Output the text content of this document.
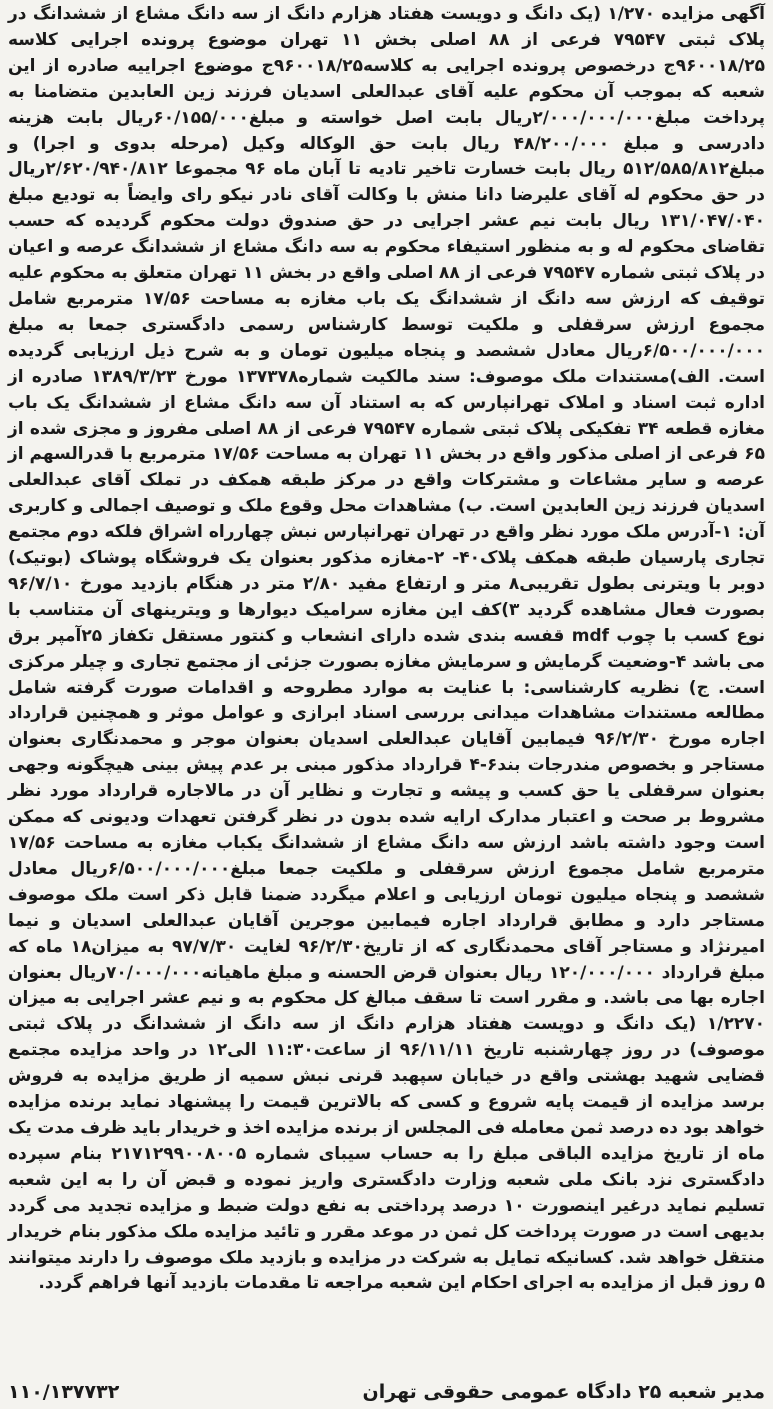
آگهی مزایده ۱/۲۷۰ (یک دانگ و دویست هفتاد هزارم دانگ از سه دانگ مشاع از ششدانگ

در پلاک ثبتی ۷۹۵۴۷ فرعی از ۸۸ اصلی بخش ۱۱ تهران موضوع پرونده اجرایی کلاسه ۹۶۰۰۱۸/۲۵ج درخصوص پرونده اجرایی به کلاسه۹۶۰۰۱۸/۲۵ج موضوع اجراییه صادره از این شعبه که بموجب آن محکوم علیه آقای عبدالعلی اسدیان فرزند زین العابدین متضامنا به پرداخت مبلغ۲/۰۰۰/۰۰۰/۰۰۰ریال بابت اصل خواسته و مبلغ۶۰/۱۵۵/۰۰۰ریال بابت هزینه دادرسی و مبلغ ۴۸/۲۰۰/۰۰۰ ریال بابت حق الوکاله وکیل (مرحله بدوی و اجرا) و مبلغ۵۱۲/۵۸۵/۸۱۲ ریال بابت خسارت تاخیر تادیه تا آبان ماه ۹۶ مجموعا ۲/۶۲۰/۹۴۰/۸۱۲ریال در حق محکوم له آقای علیرضا دانا منش با وکالت آقای نادر نیکو رای وایضاً به تودیع مبلغ ۱۳۱/۰۴۷/۰۴۰ ریال بابت نیم عشر اجرایی در حق صندوق دولت محکوم گردیده که حسب تقاضای محکوم له و به منظور استیفاء محکوم به سه دانگ مشاع از ششدانگ عرصه و اعیان در پلاک ثبتی شماره ۷۹۵۴۷ فرعی از ۸۸ اصلی واقع در بخش ۱۱ تهران متعلق به محکوم علیه توقیف که ارزش سه دانگ از ششدانگ یک باب مغازه به مساحت ۱۷/۵۶ مترمربع شامل مجموع ارزش سرقفلی و ملکیت توسط کارشناس رسمی دادگستری جمعا به مبلغ ۶/۵۰۰/۰۰۰/۰۰۰ریال معادل ششصد و پنجاه میلیون تومان و به شرح ذیل ارزیابی گردیده است. الف)مستندات ملک موصوف: سند مالکیت شماره۱۳۷۳۷۸ مورخ ۱۳۸۹/۳/۲۳ صادره از اداره ثبت اسناد و املاک تهرانپارس که به استناد آن سه دانگ مشاع از ششدانگ یک باب مغازه قطعه ۳۴ تفکیکی پلاک ثبتی شماره ۷۹۵۴۷ فرعی از ۸۸ اصلی مفروز و مجزی شده از ۶۵ فرعی از اصلی مذکور واقع در بخش ۱۱ تهران به مساحت ۱۷/۵۶ مترمربع با قدرالسهم از عرصه و سایر مشاعات و مشترکات واقع در مرکز طبقه همکف در تملک آقای عبدالعلی اسدیان فرزند زین العابدین است. ب) مشاهدات محل وقوع ملک و توصیف اجمالی و کاربری آن: ۱-آدرس ملک مورد نظر واقع در تهران تهرانپارس نبش چهارراه اشراق فلکه دوم مجتمع تجاری پارسیان طبقه همکف پلاک۴۰- ۲-مغازه مذکور بعنوان یک فروشگاه پوشاک (بوتیک) دوبر با ویترنی بطول تقریبی۸ متر و ارتفاع مفید ۲/۸۰ متر در هنگام بازدید مورخ ۹۶/۷/۱۰ بصورت فعال مشاهده گردید ۳)کف این مغازه سرامیک دیوارها و ویترینهای آن متناسب با نوع کسب با چوب mdf قفسه بندی شده دارای انشعاب و کنتور مستقل تکفاز ۲۵آمپر برق می باشد ۴-وضعیت گرمایش و سرمایش مغازه بصورت جزئی از مجتمع تجاری و چیلر مرکزی است. ج) نظریه کارشناسی: با عنایت به موارد مطروحه و اقدامات صورت گرفته شامل مطالعه مستندات مشاهدات میدانی بررسی اسناد ابرازی و عوامل موثر و همچنین قرارداد اجاره مورخ ۹۶/۲/۳۰ فیمابین آقایان عبدالعلی اسدیان بعنوان موجر و محمدنگاری بعنوان مستاجر و بخصوص مندرجات بند۶-۴ قرارداد مذکور مبنی بر عدم پیش بینی هیچگونه وجهی بعنوان سرقفلی یا حق کسب و پیشه و تجارت و نظایر آن در مالاجاره قرارداد مورد نظر مشروط بر صحت و اعتبار مدارک ارایه شده بدون در نظر گرفتن تعهدات ودیونی که ممکن است وجود داشته باشد ارزش سه دانگ مشاع از ششدانگ یکباب مغازه به مساحت ۱۷/۵۶ مترمربع شامل مجموع ارزش سرقفلی و ملکیت جمعا مبلغ۶/۵۰۰/۰۰۰/۰۰۰ریال معادل ششصد و پنجاه میلیون تومان ارزیابی و اعلام میگردد ضمنا قابل ذکر است ملک موصوف مستاجر دارد و مطابق قرارداد اجاره فیمابین موجرین آقایان عبدالعلی اسدیان و نیما امیرنژاد و مستاجر آقای محمدنگاری که از تاریخ۹۶/۲/۳۰ لغایت ۹۷/۷/۳۰ به میزان۱۸ ماه که مبلغ قرارداد ۱۲۰/۰۰۰/۰۰۰ ریال بعنوان قرض الحسنه و مبلغ ماهیانه۷۰/۰۰۰/۰۰۰ریال بعنوان اجاره بها می باشد. و مقرر است تا سقف مبالغ کل محکوم به و نیم عشر اجرایی به میزان ۱/۲۲۷۰ (یک دانگ و دویست هفتاد هزارم دانگ از سه دانگ از ششدانگ در پلاک ثبتی موصوف) در روز چهارشنبه تاریخ ۹۶/۱۱/۱۱ از ساعت۱۱:۳۰ الی۱۲ در واحد مزایده مجتمع قضایی شهید بهشتی واقع در خیابان سپهبد قرنی نبش سمیه از طریق مزایده به فروش برسد مزایده از قیمت پایه شروع و کسی که بالاترین قیمت را پیشنهاد نماید برنده مزایده خواهد بود ده درصد ثمن معامله فی المجلس از برنده مزایده اخذ و خریدار باید ظرف مدت یک ماه از تاریخ مزایده الباقی مبلغ را به حساب سیبای شماره ۲۱۷۱۲۹۹۰۰۸۰۰۵ بنام سپرده دادگستری نزد بانک ملی شعبه وزارت دادگستری واریز نموده و قبض آن را به این شعبه تسلیم نماید درغیر اینصورت ۱۰ درصد پرداختی به نفع دولت ضبط و مزایده تجدید می گردد بدیهی است در صورت پرداخت کل ثمن در موعد مقرر و تائید مزایده ملک مذکور بنام خریدار منتقل خواهد شد. کسانیکه تمایل به شرکت در مزایده و بازدید ملک موصوف را دارند میتوانند ۵ روز قبل از مزایده به اجرای احکام این شعبه مراجعه تا مقدمات بازدید آنها فراهم گردد.

مدیر شعبه ۲۵ دادگاه عمومی حقوقی تهران
۱۱۰/۱۳۷۷۳۲
